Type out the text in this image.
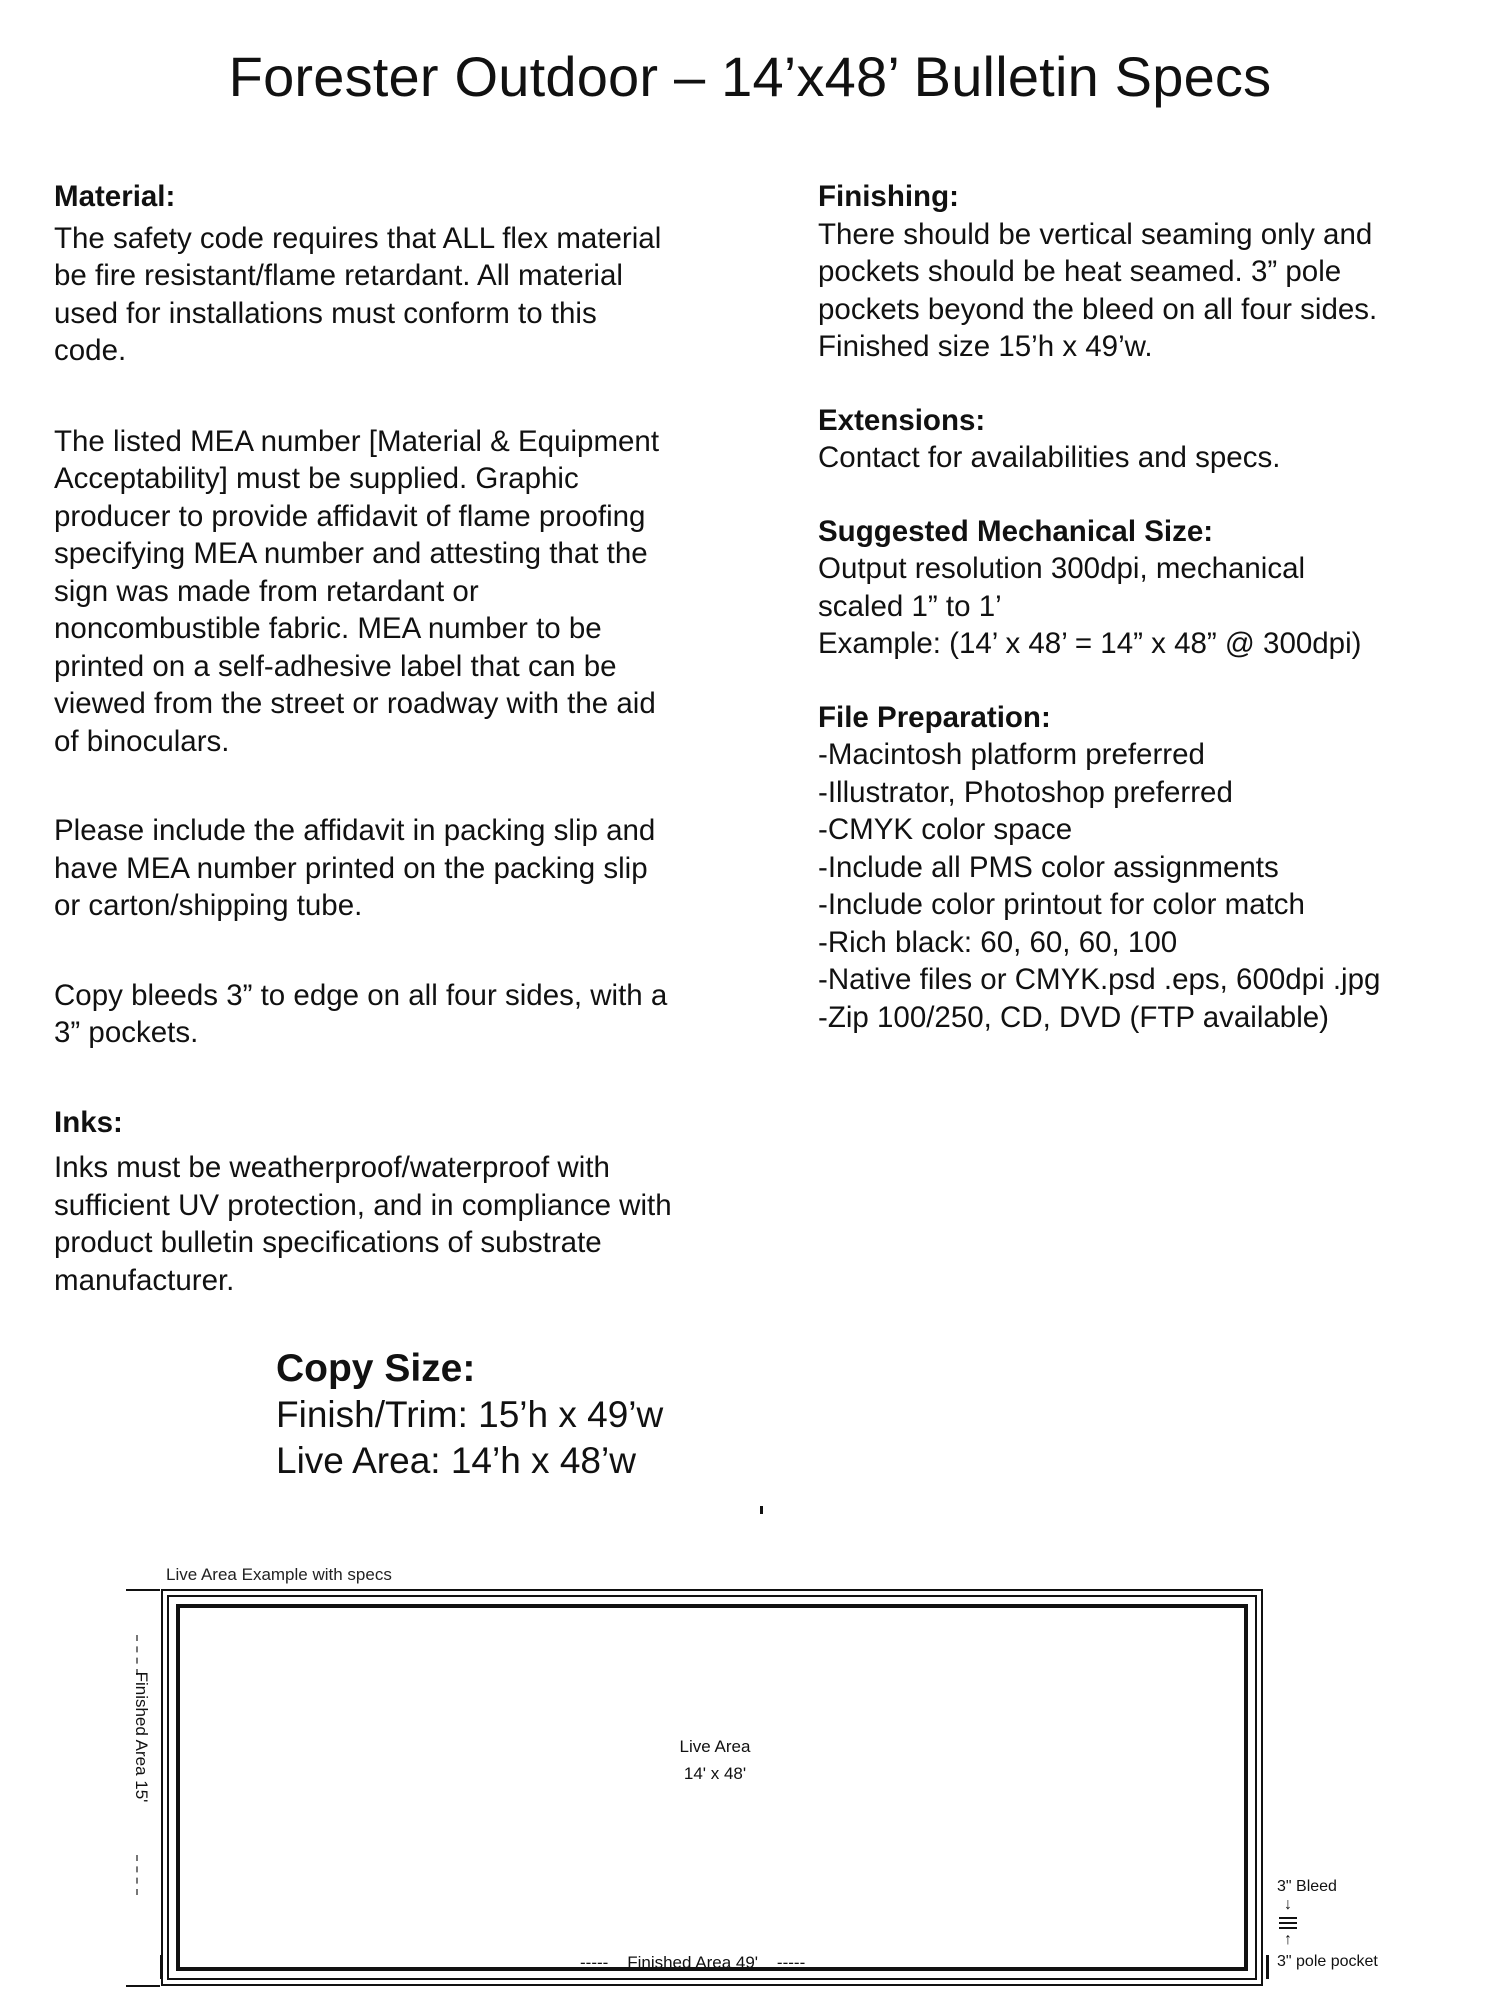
Forester Outdoor – 14’x48’ Bulletin Specs
Material:
The safety code requires that ALL flex material
be fire resistant/flame retardant. All material
used for installations must conform to this
code.
The listed MEA number [Material & Equipment
Acceptability] must be supplied. Graphic
producer to provide affidavit of flame proofing
specifying MEA number and attesting that the
sign was made from retardant or
noncombustible fabric. MEA number to be
printed on a self-adhesive label that can be
viewed from the street or roadway with the aid
of binoculars.
Please include the affidavit in packing slip and
have MEA number printed on the packing slip
or carton/shipping tube.
Copy bleeds 3” to edge on all four sides, with a
3” pockets.
Inks:
Inks must be weatherproof/waterproof with
sufficient UV protection, and in compliance with
product bulletin specifications of substrate
manufacturer.
Finishing:
There should be vertical seaming only and
pockets should be heat seamed. 3” pole
pockets beyond the bleed on all four sides.
Finished size 15’h x 49’w.
Extensions:
Contact for availabilities and specs.
Suggested Mechanical Size:
Output resolution 300dpi, mechanical
scaled 1” to 1’
Example: (14’ x 48’ = 14” x 48” @ 300dpi)
File Preparation:
-Macintosh platform preferred
-Illustrator, Photoshop preferred
-CMYK color space
-Include all PMS color assignments
-Include color printout for color match
-Rich black: 60, 60, 60, 100
-Native files or CMYK.psd .eps, 600dpi .jpg
-Zip 100/250, CD, DVD (FTP available)
Copy Size:
Finish/Trim: 15’h x 49’w
Live Area: 14’h x 48’w
Live Area Example with specs
Finished Area 15'	Live Area
14' x 48'
-----    Finished Area 49'    -----
3" Bleed
↓
↑
3" pole pocket
